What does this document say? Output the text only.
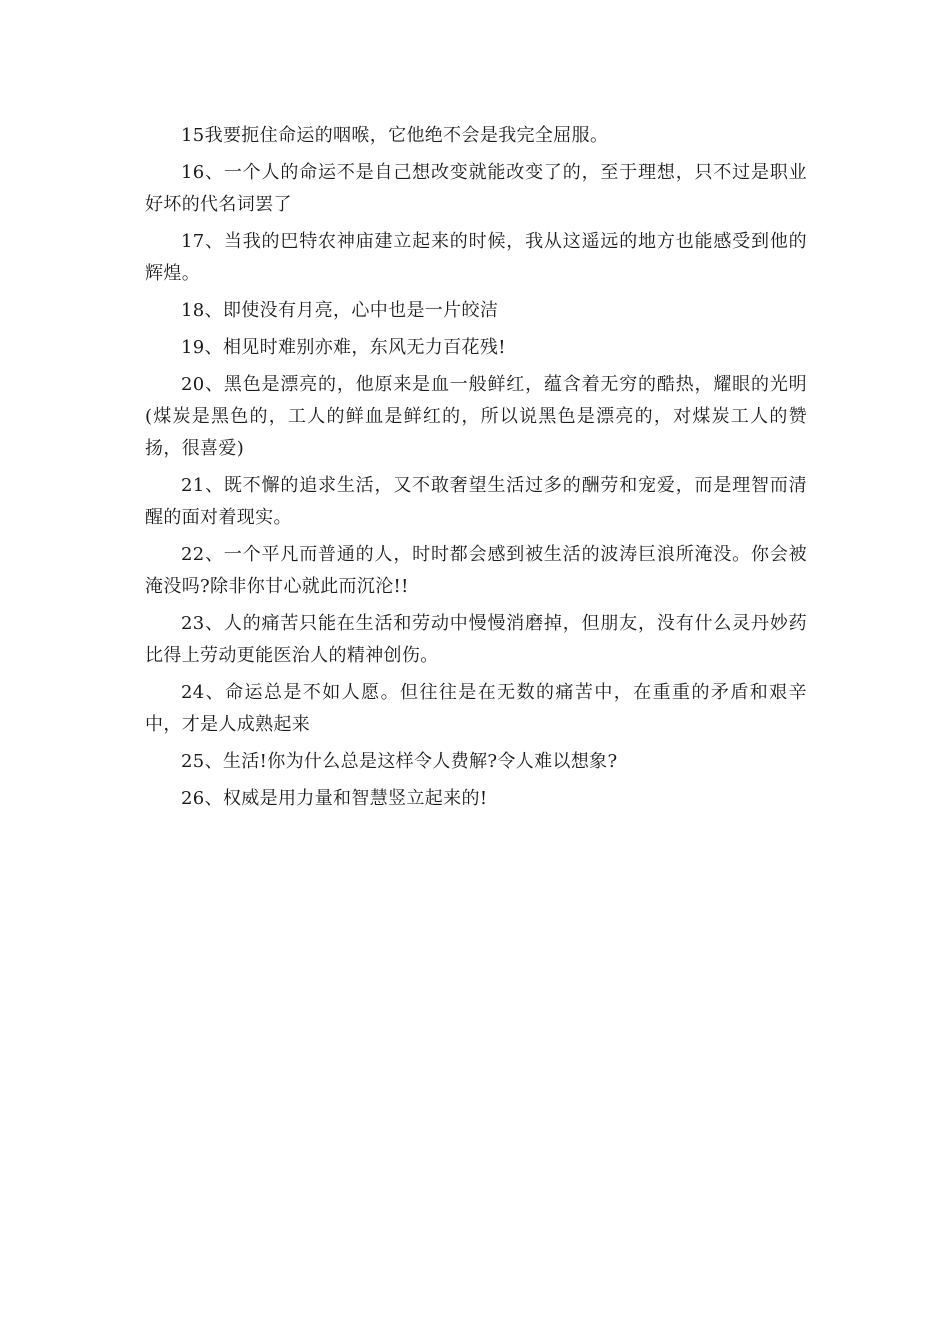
15我要扼住命运的咽喉，它他绝不会是我完全屈服。

16、一个人的命运不是自己想改变就能改变了的，至于理想，只不过是职业好坏的代名词罢了

17、当我的巴特农神庙建立起来的时候，我从这遥远的地方也能感受到他的辉煌。

18、即使没有月亮，心中也是一片皎洁

19、相见时难别亦难，东风无力百花残!

20、黑色是漂亮的，他原来是血一般鲜红，蕴含着无穷的酷热，耀眼的光明(煤炭是黑色的，工人的鲜血是鲜红的，所以说黑色是漂亮的，对煤炭工人的赞扬，很喜爱)

21、既不懈的追求生活，又不敢奢望生活过多的酬劳和宠爱，而是理智而清醒的面对着现实。

22、一个平凡而普通的人，时时都会感到被生活的波涛巨浪所淹没。你会被淹没吗?除非你甘心就此而沉沦!!

23、人的痛苦只能在生活和劳动中慢慢消磨掉，但朋友，没有什么灵丹妙药比得上劳动更能医治人的精神创伤。

24、命运总是不如人愿。但往往是在无数的痛苦中，在重重的矛盾和艰辛中，才是人成熟起来

25、生活!你为什么总是这样令人费解?令人难以想象?

26、权威是用力量和智慧竖立起来的!
